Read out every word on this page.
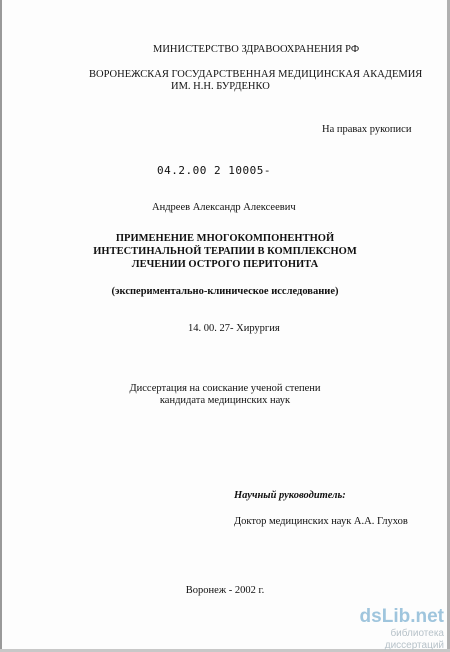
МИНИСТЕРСТВО ЗДРАВООХРАНЕНИЯ РФ
ВОРОНЕЖСКАЯ ГОСУДАРСТВЕННАЯ МЕДИЦИНСКАЯ АКАДЕМИЯ
ИМ. Н.Н. БУРДЕНКО
На правах рукописи
04.2.00 2 10005-
Андреев Александр Алексеевич
ПРИМЕНЕНИЕ МНОГОКОМПОНЕНТНОЙ
ИНТЕСТИНАЛЬНОЙ ТЕРАПИИ В КОМПЛЕКСНОМ
ЛЕЧЕНИИ ОСТРОГО ПЕРИТОНИТА
(экспериментально-клиническое исследование)
14. 00. 27- Хирургия
Диссертация на соискание ученой степени
кандидата медицинских наук
Научный руководитель:
Доктор медицинских наук А.А. Глухов
Воронеж - 2002 г.
dsLib.net
библиотека диссертаций
